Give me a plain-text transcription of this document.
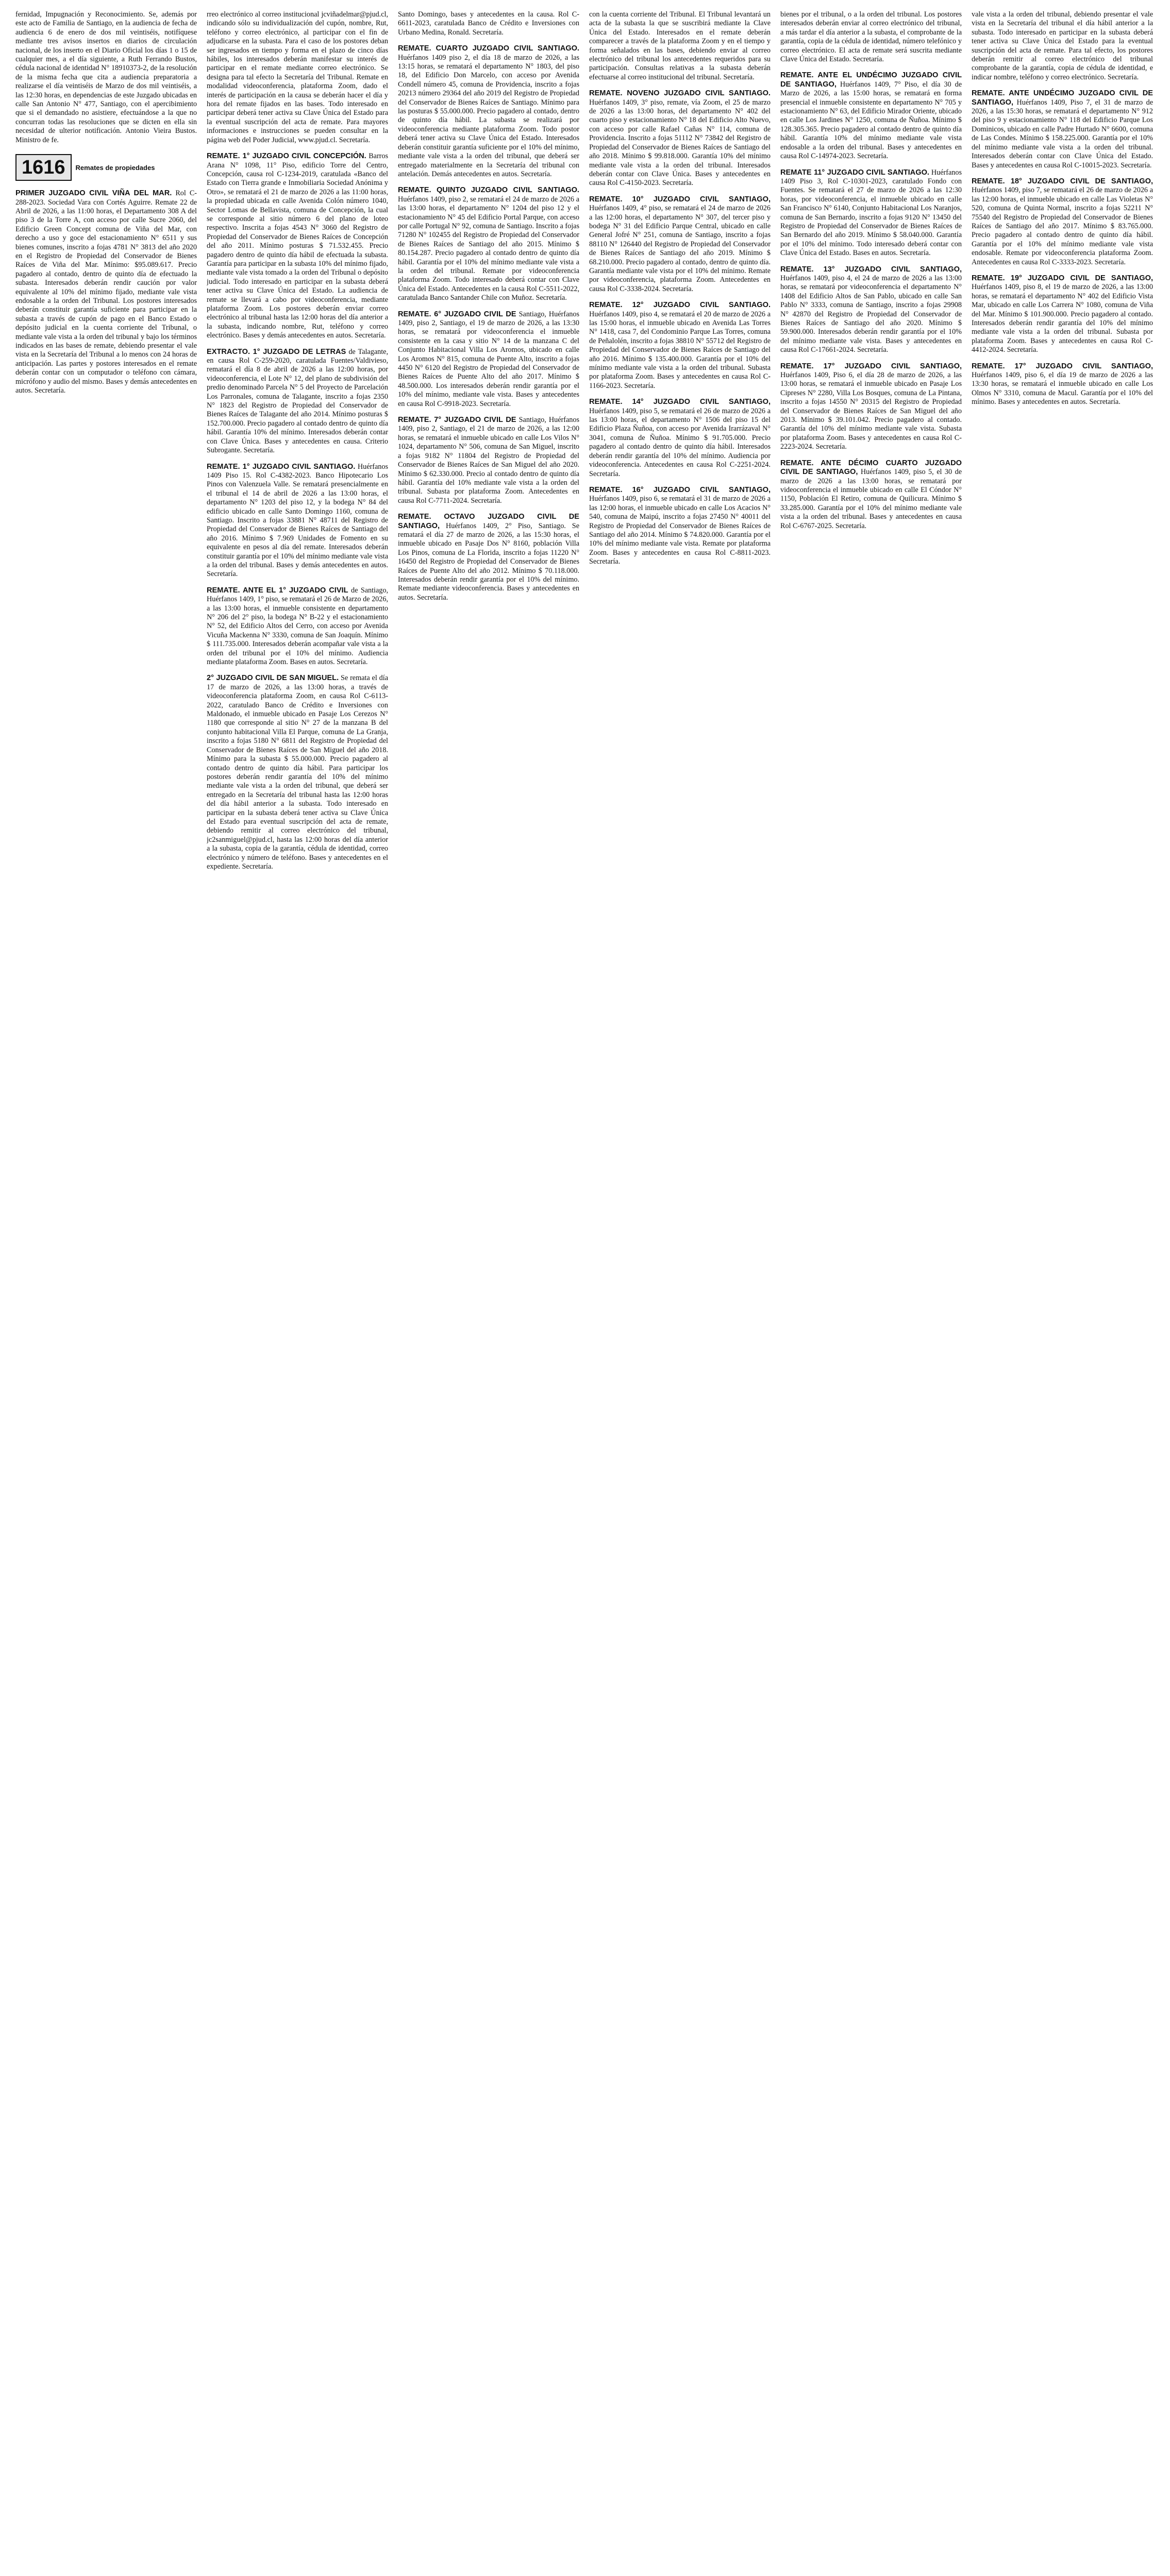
fernidad, Impugnación y Reconocimiento. Se, además por este acto de Familia de Santiago, en la audiencia de fecha de audiencia 6 de enero de dos mil veintiséis, notifíquese mediante tres avisos insertos en diarios de circulación nacional, de los inserto en el Diario Oficial los días 1 o 15 de cualquier mes, a el día siguiente, a Ruth Ferrando Bustos, cédula nacional de identidad N° 18910373-2, de la resolución de la misma fecha que cita a audiencia preparatoria a realizarse el día veintiséis de Marzo de dos mil veintiséis, a las 12:30 horas, en dependencias de este Juzgado ubicadas en calle San Antonio N° 477, Santiago, con el apercibimiento que si el demandado no asistiere, efectuándose a la que no concurran todas las resoluciones que se dicten en ella sin necesidad de ulterior notificación. Antonio Vieira Bustos. Ministro de fe.

1616	Remates de propiedades

PRIMER JUZGADO CIVIL VIÑA DEL MAR. Rol C-288-2023. Sociedad Vara con Cortés Aguirre. Remate 22 de Abril de 2026, a las 11:00 horas, el Departamento 308 A del piso 3 de la Torre A, con acceso por calle Sucre 2060, del Edificio Green Concept comuna de Viña del Mar, con derecho a uso y goce del estacionamiento N° 6511 y sus bienes comunes, inscrito a fojas 4781 N° 3813 del año 2020 en el Registro de Propiedad del Conservador de Bienes Raíces de Viña del Mar. Mínimo: $95.089.617. Precio pagadero al contado, dentro de quinto día de efectuado la subasta. Interesados deberán rendir caución por valor equivalente al 10% del mínimo fijado, mediante vale vista endosable a la orden del Tribunal. Los postores interesados deberán constituir garantía suficiente para participar en la subasta a través de cupón de pago en el Banco Estado o depósito judicial en la cuenta corriente del Tribunal, o mediante vale vista a la orden del tribunal y bajo los términos indicados en las bases de remate, debiendo presentar el vale vista en la Secretaría del Tribunal a lo menos con 24 horas de anticipación. Las partes y postores interesados en el remate deberán contar con un computador o teléfono con cámara, micrófono y audio del mismo. Bases y demás antecedentes en autos. Secretaría.

rreo electrónico al correo institucional jcviñadelmar@pjud.cl, indicando sólo su individualización del cupón, nombre, Rut, teléfono y correo electrónico, al participar con el fin de adjudicarse en la subasta. Para el caso de los postores deban ser ingresados en tiempo y forma en el plazo de cinco días hábiles, los interesados deberán manifestar su interés de participar en el remate mediante correo electrónico. Se designa para tal efecto la Secretaría del Tribunal. Remate en modalidad videoconferencia, plataforma Zoom, dado el interés de participación en la causa se deberán hacer el día y hora del remate fijados en las bases. Todo interesado en participar deberá tener activa su Clave Única del Estado para la eventual suscripción del acta de remate. Para mayores informaciones e instrucciones se pueden consultar en la página web del Poder Judicial, www.pjud.cl. Secretaría.

REMATE. 1° JUZGADO CIVIL CONCEPCIÓN. Barros Arana N° 1098, 11° Piso, edificio Torre del Centro, Concepción, causa rol C-1234-2019, caratulada «Banco del Estado con Tierra grande e Inmobiliaria Sociedad Anónima y Otro», se rematará el 21 de marzo de 2026 a las 11:00 horas, la propiedad ubicada en calle Avenida Colón número 1040, Sector Lomas de Bellavista, comuna de Concepción, la cual se corresponde al sitio número 6 del plano de loteo respectivo. Inscrita a fojas 4543 N° 3060 del Registro de Propiedad del Conservador de Bienes Raíces de Concepción del año 2011. Mínimo posturas $ 71.532.455. Precio pagadero dentro de quinto día hábil de efectuada la subasta. Garantía para participar en la subasta 10% del mínimo fijado, mediante vale vista tomado a la orden del Tribunal o depósito judicial. Todo interesado en participar en la subasta deberá tener activa su Clave Única del Estado. La audiencia de remate se llevará a cabo por videoconferencia, mediante plataforma Zoom. Los postores deberán enviar correo electrónico al tribunal hasta las 12:00 horas del día anterior a la subasta, indicando nombre, Rut, teléfono y correo electrónico. Bases y demás antecedentes en autos. Secretaría.

EXTRACTO. 1° JUZGADO DE LETRAS de Talagante, en causa Rol C-259-2020, caratulada Fuentes/Valdivieso, rematará el día 8 de abril de 2026 a las 12:00 horas, por videoconferencia, el Lote N° 12, del plano de subdivisión del predio denominado Parcela N° 5 del Proyecto de Parcelación Los Parronales, comuna de Talagante, inscrito a fojas 2350 N° 1823 del Registro de Propiedad del Conservador de Bienes Raíces de Talagante del año 2014. Mínimo posturas $ 152.700.000. Precio pagadero al contado dentro de quinto día hábil. Garantía 10% del mínimo. Interesados deberán contar con Clave Única. Bases y antecedentes en causa. Criterio Subrogante. Secretaría.

REMATE. 1° JUZGADO CIVIL SANTIAGO. Huérfanos 1409 Piso 15. Rol C-4382-2023. Banco Hipotecario Los Pinos con Valenzuela Valle. Se rematará presencialmente en el tribunal el 14 de abril de 2026 a las 13:00 horas, el departamento N° 1203 del piso 12, y la bodega N° 84 del edificio ubicado en calle Santo Domingo 1160, comuna de Santiago. Inscrito a fojas 33881 N° 48711 del Registro de Propiedad del Conservador de Bienes Raíces de Santiago del año 2016. Mínimo $ 7.969 Unidades de Fomento en su equivalente en pesos al día del remate. Interesados deberán constituir garantía por el 10% del mínimo mediante vale vista a la orden del tribunal. Bases y demás antecedentes en autos. Secretaría.

REMATE. ANTE EL 1° JUZGADO CIVIL de Santiago, Huérfanos 1409, 1° piso, se rematará el 26 de Marzo de 2026, a las 13:00 horas, el inmueble consistente en departamento N° 206 del 2° piso, la bodega N° B-22 y el estacionamiento N° 52, del Edificio Altos del Cerro, con acceso por Avenida Vicuña Mackenna N° 3330, comuna de San Joaquín. Mínimo $ 111.735.000. Interesados deberán acompañar vale vista a la orden del tribunal por el 10% del mínimo. Audiencia mediante plataforma Zoom. Bases en autos. Secretaría.

2° JUZGADO CIVIL DE SAN MIGUEL. Se remata el día 17 de marzo de 2026, a las 13:00 horas, a través de videoconferencia plataforma Zoom, en causa Rol C-6113-2022, caratulado Banco de Crédito e Inversiones con Maldonado, el inmueble ubicado en Pasaje Los Cerezos N° 1180 que corresponde al sitio N° 27 de la manzana B del conjunto habitacional Villa El Parque, comuna de La Granja, inscrito a fojas 5180 N° 6811 del Registro de Propiedad del Conservador de Bienes Raíces de San Miguel del año 2018. Mínimo para la subasta $ 55.000.000. Precio pagadero al contado dentro de quinto día hábil. Para participar los postores deberán rendir garantía del 10% del mínimo mediante vale vista a la orden del tribunal, que deberá ser entregado en la Secretaría del tribunal hasta las 12:00 horas del día hábil anterior a la subasta. Todo interesado en participar en la subasta deberá tener activa su Clave Única del Estado para eventual suscripción del acta de remate, debiendo remitir al correo electrónico del tribunal, jc2sanmiguel@pjud.cl, hasta las 12:00 horas del día anterior a la subasta, copia de la garantía, cédula de identidad, correo electrónico y número de teléfono. Bases y antecedentes en el expediente. Secretaría.

Santo Domingo, bases y antecedentes en la causa. Rol C-6611-2023, caratulada Banco de Crédito e Inversiones con Urbano Medina, Ronald. Secretaría.

REMATE. CUARTO JUZGADO CIVIL SANTIAGO. Huérfanos 1409 piso 2, el día 18 de marzo de 2026, a las 13:15 horas, se rematará el departamento N° 1803, del piso 18, del Edificio Don Marcelo, con acceso por Avenida Condell número 45, comuna de Providencia, inscrito a fojas 20213 número 29364 del año 2019 del Registro de Propiedad del Conservador de Bienes Raíces de Santiago. Mínimo para las posturas $ 55.000.000. Precio pagadero al contado, dentro de quinto día hábil. La subasta se realizará por videoconferencia mediante plataforma Zoom. Todo postor deberá tener activa su Clave Única del Estado. Interesados deberán constituir garantía suficiente por el 10% del mínimo, mediante vale vista a la orden del tribunal, que deberá ser entregado materialmente en la Secretaría del tribunal con antelación. Demás antecedentes en autos. Secretaría.

REMATE. QUINTO JUZGADO CIVIL SANTIAGO. Huérfanos 1409, piso 2, se rematará el 24 de marzo de 2026 a las 13:00 horas, el departamento N° 1204 del piso 12 y el estacionamiento N° 45 del Edificio Portal Parque, con acceso por calle Portugal N° 92, comuna de Santiago. Inscrito a fojas 71280 N° 102455 del Registro de Propiedad del Conservador de Bienes Raíces de Santiago del año 2015. Mínimo $ 80.154.287. Precio pagadero al contado dentro de quinto día hábil. Garantía por el 10% del mínimo mediante vale vista a la orden del tribunal. Remate por videoconferencia plataforma Zoom. Todo interesado deberá contar con Clave Única del Estado. Antecedentes en la causa Rol C-5511-2022, caratulada Banco Santander Chile con Muñoz. Secretaría.

REMATE. 6° JUZGADO CIVIL DE Santiago, Huérfanos 1409, piso 2, Santiago, el 19 de marzo de 2026, a las 13:30 horas, se rematará por videoconferencia el inmueble consistente en la casa y sitio N° 14 de la manzana C del Conjunto Habitacional Villa Los Aromos, ubicado en calle Los Aromos N° 815, comuna de Puente Alto, inscrito a fojas 4450 N° 6120 del Registro de Propiedad del Conservador de Bienes Raíces de Puente Alto del año 2017. Mínimo $ 48.500.000. Los interesados deberán rendir garantía por el 10% del mínimo, mediante vale vista. Bases y antecedentes en causa Rol C-9918-2023. Secretaría.

REMATE. 7° JUZGADO CIVIL DE Santiago, Huérfanos 1409, piso 2, Santiago, el 21 de marzo de 2026, a las 12:00 horas, se rematará el inmueble ubicado en calle Los Vilos N° 1024, departamento N° 506, comuna de San Miguel, inscrito a fojas 9182 N° 11804 del Registro de Propiedad del Conservador de Bienes Raíces de San Miguel del año 2020. Mínimo $ 62.330.000. Precio al contado dentro de quinto día hábil. Garantía del 10% mediante vale vista a la orden del tribunal. Subasta por plataforma Zoom. Antecedentes en causa Rol C-7711-2024. Secretaría.

REMATE. OCTAVO JUZGADO CIVIL DE SANTIAGO, Huérfanos 1409, 2° Piso, Santiago. Se rematará el día 27 de marzo de 2026, a las 15:30 horas, el inmueble ubicado en Pasaje Dos N° 8160, población Villa Los Pinos, comuna de La Florida, inscrito a fojas 11220 N° 16450 del Registro de Propiedad del Conservador de Bienes Raíces de Puente Alto del año 2012. Mínimo $ 70.118.000. Interesados deberán rendir garantía por el 10% del mínimo. Remate mediante videoconferencia. Bases y antecedentes en autos. Secretaría.

con la cuenta corriente del Tribunal. El Tribunal levantará un acta de la subasta la que se suscribirá mediante la Clave Única del Estado. Interesados en el remate deberán comparecer a través de la plataforma Zoom y en el tiempo y forma señalados en las bases, debiendo enviar al correo electrónico del tribunal los antecedentes requeridos para su participación. Consultas relativas a la subasta deberán efectuarse al correo institucional del tribunal. Secretaría.

REMATE. NOVENO JUZGADO CIVIL SANTIAGO. Huérfanos 1409, 3° piso, remate, vía Zoom, el 25 de marzo de 2026 a las 13:00 horas, del departamento N° 402 del cuarto piso y estacionamiento N° 18 del Edificio Alto Nuevo, con acceso por calle Rafael Cañas N° 114, comuna de Providencia. Inscrito a fojas 51112 N° 73842 del Registro de Propiedad del Conservador de Bienes Raíces de Santiago del año 2018. Mínimo $ 99.818.000. Garantía 10% del mínimo mediante vale vista a la orden del tribunal. Interesados deberán contar con Clave Única. Bases y antecedentes en causa Rol C-4150-2023. Secretaría.

REMATE. 10° JUZGADO CIVIL SANTIAGO, Huérfanos 1409, 4° piso, se rematará el 24 de marzo de 2026 a las 12:00 horas, el departamento N° 307, del tercer piso y bodega N° 31 del Edificio Parque Central, ubicado en calle General Jofré N° 251, comuna de Santiago, inscrito a fojas 88110 N° 126440 del Registro de Propiedad del Conservador de Bienes Raíces de Santiago del año 2019. Mínimo $ 68.210.000. Precio pagadero al contado, dentro de quinto día. Garantía mediante vale vista por el 10% del mínimo. Remate por videoconferencia, plataforma Zoom. Antecedentes en causa Rol C-3338-2024. Secretaría.

REMATE. 12° JUZGADO CIVIL SANTIAGO. Huérfanos 1409, piso 4, se rematará el 20 de marzo de 2026 a las 15:00 horas, el inmueble ubicado en Avenida Las Torres N° 1418, casa 7, del Condominio Parque Las Torres, comuna de Peñalolén, inscrito a fojas 38810 N° 55712 del Registro de Propiedad del Conservador de Bienes Raíces de Santiago del año 2016. Mínimo $ 135.400.000. Garantía por el 10% del mínimo mediante vale vista a la orden del tribunal. Subasta por plataforma Zoom. Bases y antecedentes en causa Rol C-1166-2023. Secretaría.

REMATE. 14° JUZGADO CIVIL SANTIAGO, Huérfanos 1409, piso 5, se rematará el 26 de marzo de 2026 a las 13:00 horas, el departamento N° 1506 del piso 15 del Edificio Plaza Ñuñoa, con acceso por Avenida Irarrázaval N° 3041, comuna de Ñuñoa. Mínimo $ 91.705.000. Precio pagadero al contado dentro de quinto día hábil. Interesados deberán rendir garantía del 10% del mínimo. Audiencia por videoconferencia. Antecedentes en causa Rol C-2251-2024. Secretaría.

REMATE. 16° JUZGADO CIVIL SANTIAGO, Huérfanos 1409, piso 6, se rematará el 31 de marzo de 2026 a las 12:00 horas, el inmueble ubicado en calle Los Acacios N° 540, comuna de Maipú, inscrito a fojas 27450 N° 40011 del Registro de Propiedad del Conservador de Bienes Raíces de Santiago del año 2014. Mínimo $ 74.820.000. Garantía por el 10% del mínimo mediante vale vista. Remate por plataforma Zoom. Bases y antecedentes en causa Rol C-8811-2023. Secretaría.

bienes por el tribunal, o a la orden del tribunal. Los postores interesados deberán enviar al correo electrónico del tribunal, a más tardar el día anterior a la subasta, el comprobante de la garantía, copia de la cédula de identidad, número telefónico y correo electrónico. El acta de remate será suscrita mediante Clave Única del Estado. Secretaría.

REMATE. ANTE EL UNDÉCIMO JUZGADO CIVIL DE SANTIAGO, Huérfanos 1409, 7° Piso, el día 30 de Marzo de 2026, a las 15:00 horas, se rematará en forma presencial el inmueble consistente en departamento N° 705 y estacionamiento N° 63, del Edificio Mirador Oriente, ubicado en calle Los Jardines N° 1250, comuna de Ñuñoa. Mínimo $ 128.305.365. Precio pagadero al contado dentro de quinto día hábil. Garantía 10% del mínimo mediante vale vista endosable a la orden del tribunal. Bases y antecedentes en causa Rol C-14974-2023. Secretaría.

REMATE 11° JUZGADO CIVIL SANTIAGO. Huérfanos 1409 Piso 3, Rol C-10301-2023, caratulado Fondo con Fuentes. Se rematará el 27 de marzo de 2026 a las 12:30 horas, por videoconferencia, el inmueble ubicado en calle San Francisco N° 6140, Conjunto Habitacional Los Naranjos, comuna de San Bernardo, inscrito a fojas 9120 N° 13450 del Registro de Propiedad del Conservador de Bienes Raíces de San Bernardo del año 2019. Mínimo $ 58.040.000. Garantía por el 10% del mínimo. Todo interesado deberá contar con Clave Única del Estado. Bases en autos. Secretaría.

REMATE. 13° JUZGADO CIVIL SANTIAGO, Huérfanos 1409, piso 4, el 24 de marzo de 2026 a las 13:00 horas, se rematará por videoconferencia el departamento N° 1408 del Edificio Altos de San Pablo, ubicado en calle San Pablo N° 3333, comuna de Santiago, inscrito a fojas 29908 N° 42870 del Registro de Propiedad del Conservador de Bienes Raíces de Santiago del año 2020. Mínimo $ 59.900.000. Interesados deberán rendir garantía por el 10% del mínimo mediante vale vista. Bases y antecedentes en causa Rol C-17661-2024. Secretaría.

REMATE. 17° JUZGADO CIVIL SANTIAGO, Huérfanos 1409, Piso 6, el día 28 de marzo de 2026, a las 13:00 horas, se rematará el inmueble ubicado en Pasaje Los Cipreses N° 2280, Villa Los Bosques, comuna de La Pintana, inscrito a fojas 14550 N° 20315 del Registro de Propiedad del Conservador de Bienes Raíces de San Miguel del año 2013. Mínimo $ 39.101.042. Precio pagadero al contado. Garantía del 10% del mínimo mediante vale vista. Subasta por plataforma Zoom. Bases y antecedentes en causa Rol C-2223-2024. Secretaría.

REMATE. ANTE DÉCIMO CUARTO JUZGADO CIVIL DE SANTIAGO, Huérfanos 1409, piso 5, el 30 de marzo de 2026 a las 13:00 horas, se rematará por videoconferencia el inmueble ubicado en calle El Cóndor N° 1150, Población El Retiro, comuna de Quilicura. Mínimo $ 33.285.000. Garantía por el 10% del mínimo mediante vale vista a la orden del tribunal. Bases y antecedentes en causa Rol C-6767-2025. Secretaría.

vale vista a la orden del tribunal, debiendo presentar el vale vista en la Secretaría del tribunal el día hábil anterior a la subasta. Todo interesado en participar en la subasta deberá tener activa su Clave Única del Estado para la eventual suscripción del acta de remate. Para tal efecto, los postores deberán remitir al correo electrónico del tribunal comprobante de la garantía, copia de cédula de identidad, e indicar nombre, teléfono y correo electrónico. Secretaría.

REMATE. ANTE UNDÉCIMO JUZGADO CIVIL DE SANTIAGO, Huérfanos 1409, Piso 7, el 31 de marzo de 2026, a las 15:30 horas, se rematará el departamento N° 912 del piso 9 y estacionamiento N° 118 del Edificio Parque Los Dominicos, ubicado en calle Padre Hurtado N° 6600, comuna de Las Condes. Mínimo $ 158.225.000. Garantía por el 10% del mínimo mediante vale vista a la orden del tribunal. Interesados deberán contar con Clave Única del Estado. Bases y antecedentes en causa Rol C-10015-2023. Secretaría.

REMATE. 18° JUZGADO CIVIL DE SANTIAGO, Huérfanos 1409, piso 7, se rematará el 26 de marzo de 2026 a las 12:00 horas, el inmueble ubicado en calle Las Violetas N° 520, comuna de Quinta Normal, inscrito a fojas 52211 N° 75540 del Registro de Propiedad del Conservador de Bienes Raíces de Santiago del año 2017. Mínimo $ 83.765.000. Precio pagadero al contado dentro de quinto día hábil. Garantía por el 10% del mínimo mediante vale vista endosable. Remate por videoconferencia plataforma Zoom. Antecedentes en causa Rol C-3333-2023. Secretaría.

REMATE. 19° JUZGADO CIVIL DE SANTIAGO, Huérfanos 1409, piso 8, el 19 de marzo de 2026, a las 13:00 horas, se rematará el departamento N° 402 del Edificio Vista Mar, ubicado en calle Los Carrera N° 1080, comuna de Viña del Mar. Mínimo $ 101.900.000. Precio pagadero al contado. Interesados deberán rendir garantía del 10% del mínimo mediante vale vista a la orden del tribunal. Subasta por plataforma Zoom. Bases y antecedentes en causa Rol C-4412-2024. Secretaría.

REMATE. 17° JUZGADO CIVIL SANTIAGO, Huérfanos 1409, piso 6, el día 19 de marzo de 2026 a las 13:30 horas, se rematará el inmueble ubicado en calle Los Olmos N° 3310, comuna de Macul. Garantía por el 10% del mínimo. Bases y antecedentes en autos. Secretaría.
